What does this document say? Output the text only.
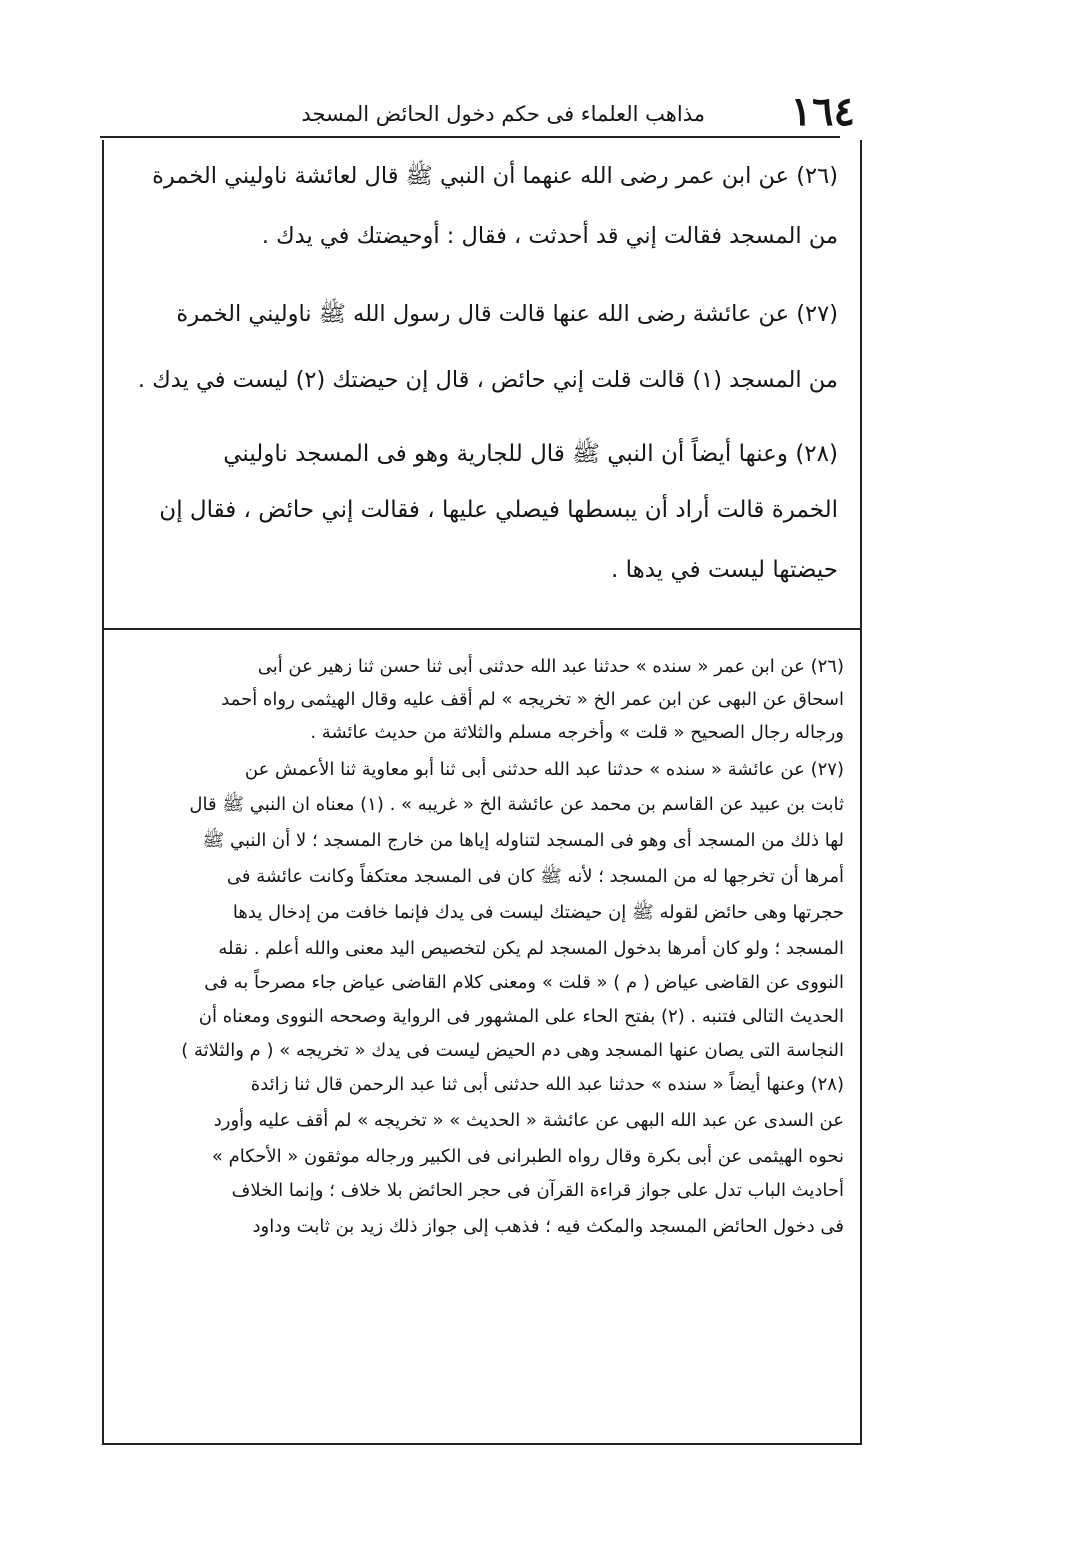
١٦٤
مذاهب العلماء فى حكم دخول الحائض المسجد
(٢٦) عن ابن عمر رضى الله عنهما أن النبي ﷺ قال لعائشة ناوليني الخمرة
من المسجد فقالت إني قد أحدثت ، فقال : أوحيضتك في يدك .
(٢٧) عن عائشة رضى الله عنها قالت قال رسول الله ﷺ ناوليني الخمرة
من المسجد (١) قالت قلت إني حائض ، قال إن حيضتك (٢) ليست في يدك .
(٢٨) وعنها أيضاً أن النبي ﷺ قال للجارية وهو فى المسجد ناوليني
الخمرة قالت أراد أن يبسطها فيصلي عليها ، فقالت إني حائض ، فقال إن
حيضتها ليست في يدها .
(٢٦) عن ابن عمر « سنده » حدثنا عبد الله حدثنى أبى ثنا حسن ثنا زهير عن أبى
اسحاق عن البهى عن ابن عمر الخ « تخريجه » لم أقف عليه وقال الهيثمى رواه أحمد
ورجاله رجال الصحيح « قلت » وأخرجه مسلم والثلاثة من حديث عائشة .
(٢٧) عن عائشة « سنده » حدثنا عبد الله حدثنى أبى ثنا أبو معاوية ثنا الأعمش عن
ثابت بن عبيد عن القاسم بن محمد عن عائشة الخ « غريبه » . (١) معناه ان النبي ﷺ قال
لها ذلك من المسجد أى وهو فى المسجد لتناوله إياها من خارج المسجد ؛ لا أن النبي ﷺ
أمرها أن تخرجها له من المسجد ؛ لأنه ﷺ كان فى المسجد معتكفاً وكانت عائشة فى
حجرتها وهى حائض لقوله ﷺ إن حيضتك ليست فى يدك فإنما خافت من إدخال يدها
المسجد ؛ ولو كان أمرها بدخول المسجد لم يكن لتخصيص اليد معنى والله أعلم . نقله
النووى عن القاضى عياض ( م ) « قلت » ومعنى كلام القاضى عياض جاء مصرحاً به فى
الحديث التالى فتنبه . (٢) بفتح الحاء على المشهور فى الرواية وصححه النووى ومعناه أن
النجاسة التى يصان عنها المسجد وهى دم الحيض ليست فى يدك « تخريجه » ( م والثلاثة )
(٢٨) وعنها أيضاً « سنده » حدثنا عبد الله حدثنى أبى ثنا عبد الرحمن قال ثنا زائدة
عن السدى عن عبد الله البهى عن عائشة « الحديث » « تخريجه » لم أقف عليه وأورد
نحوه الهيثمى عن أبى بكرة وقال رواه الطبرانى فى الكبير ورجاله موثقون « الأحكام »
أحاديث الباب تدل على جواز قراءة القرآن فى حجر الحائض بلا خلاف ؛ وإنما الخلاف
فى دخول الحائض المسجد والمكث فيه ؛ فذهب إلى جواز ذلك زيد بن ثابت وداود
